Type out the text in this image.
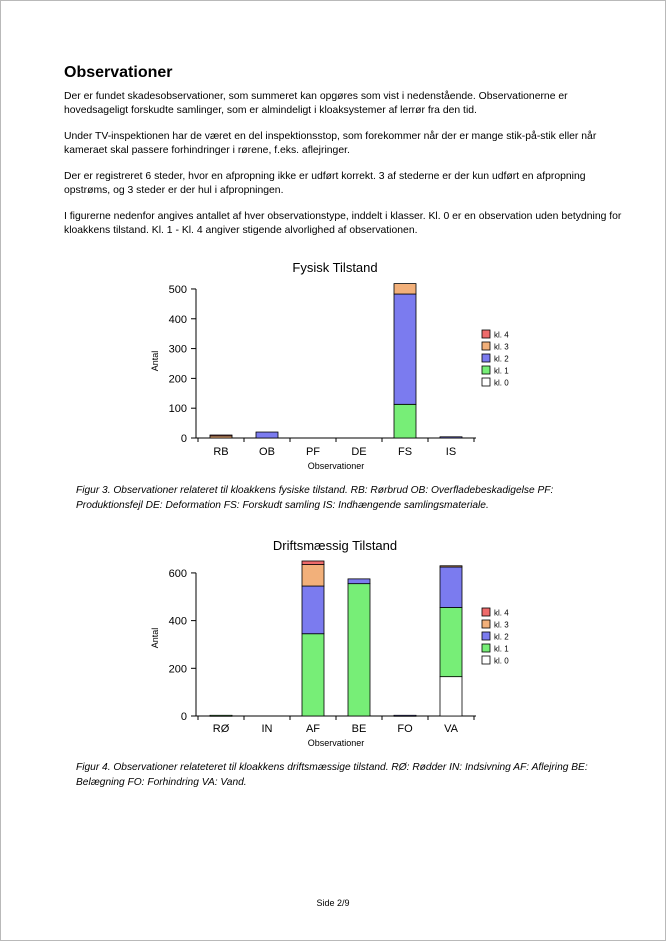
Observationer

Der er fundet skadesobservationer, som summeret kan opgøres som vist i nedenstående. Observationerne er hovedsageligt forskudte samlinger, som er almindeligt i kloaksystemer af lerrør fra den tid.

Under TV-inspektionen har de været en del inspektionsstop, som forekommer når der er mange stik-på-stik eller når kameraet skal passere forhindringer i rørene, f.eks. aflejringer.

Der er registreret 6 steder, hvor en afpropning ikke er udført korrekt. 3 af stederne er der kun udført en afpropning opstrøms, og 3 steder er der hul i afpropningen.

I figurerne nedenfor angives antallet af hver observationstype, inddelt i klasser. Kl. 0 er en observation uden betydning for kloakkens tilstand. Kl. 1 - Kl. 4 angiver stigende alvorlighed af observationen.

Fysisk Tilstand
0
100
200
300
400
500
Antal
RB	OB	PF	DE	FS	IS
Observationer
kl. 4
kl. 3
kl. 2
kl. 1
kl. 0

Figur 3. Observationer relateret til kloakkens fysiske tilstand. RB: Rørbrud OB: Overfladebeskadigelse PF: Produktionsfejl DE: Deformation FS: Forskudt samling IS: Indhængende samlingsmateriale.

Driftsmæssig Tilstand
0
200
400
600
Antal
RØ	IN	AF	BE	FO	VA
Observationer
kl. 4
kl. 3
kl. 2
kl. 1
kl. 0

Figur 4. Observationer relateteret til kloakkens driftsmæssige tilstand. RØ: Rødder IN: Indsivning AF: Aflejring BE: Belægning FO: Forhindring VA: Vand.

Side 2/9
